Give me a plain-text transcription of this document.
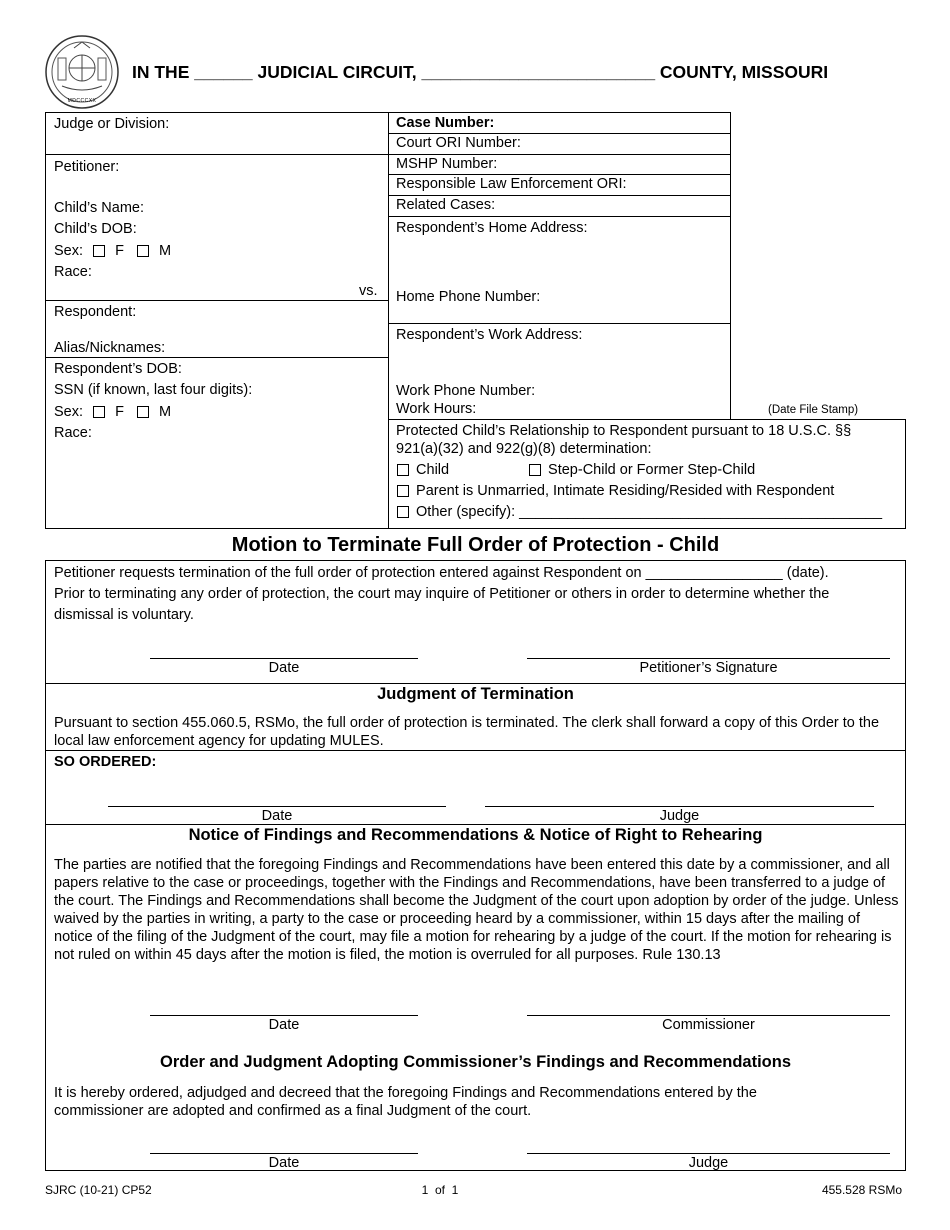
MDCCCXX
IN THE ______ JUDICIAL CIRCUIT, ________________________ COUNTY, MISSOURI
Judge or Division:
Petitioner:
Child’s Name:
Child’s DOB:
Sex: F M
Race:
vs.
Respondent:
Alias/Nicknames:
Respondent’s DOB:
SSN (if known, last four digits):
Sex: F M
Race:
Case Number:
Court ORI Number:
MSHP Number:
Responsible Law Enforcement ORI:
Related Cases:
Respondent’s Home Address:
Home Phone Number:
Respondent’s Work Address:
Work Phone Number:
Work Hours:	(Date File Stamp)
Protected Child’s Relationship to Respondent pursuant to 18 U.S.C. §§
921(a)(32) and 922(g)(8) determination:
Child	Step-Child or Former Step-Child
Parent is Unmarried, Intimate Residing/Resided with Respondent
Other (specify): _____________________________________________
Motion to Terminate Full Order of Protection - Child
Petitioner requests termination of the full order of protection entered against Respondent on _________________ (date).
Prior to terminating any order of protection, the court may inquire of Petitioner or others in order to determine whether the
dismissal is voluntary.
Date	Petitioner’s Signature
Judgment of Termination
Pursuant to section 455.060.5, RSMo, the full order of protection is terminated. The clerk shall forward a copy of this Order to the local law enforcement agency for updating MULES.
SO ORDERED:
Date	Judge
Notice of Findings and Recommendations & Notice of Right to Rehearing
The parties are notified that the foregoing Findings and Recommendations have been entered this date by a commissioner, and all papers relative to the case or proceedings, together with the Findings and Recommendations, have been transferred to a judge of the court. The Findings and Recommendations shall become the Judgment of the court upon adoption by order of the judge. Unless waived by the parties in writing, a party to the case or proceeding heard by a commissioner, within 15 days after the mailing of notice of the filing of the Judgment of the court, may file a motion for rehearing by a judge of the court. If the motion for rehearing is not ruled on within 45 days after the motion is filed, the motion is overruled for all purposes. Rule 130.13
Date	Commissioner
Order and Judgment Adopting Commissioner’s Findings and Recommendations
It is hereby ordered, adjudged and decreed that the foregoing Findings and Recommendations entered by the commissioner are adopted and confirmed as a final Judgment of the court.
Date	Judge
SJRC (10-21) CP52	1  of  1	455.528 RSMo
